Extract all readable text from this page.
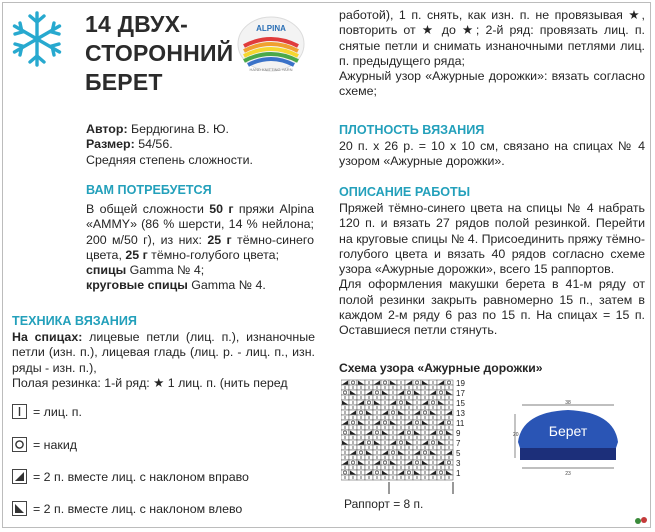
14 ДВУХ-
СТОРОННИЙ
БЕРЕТ
ALPINA
HAND KNITTING YARN
Автор: Бердюгина В. Ю.
Размер: 54/56.
Средняя степень сложности.
ВАМ ПОТРЕБУЕТСЯ
В общей сложности 50 г пряжи Alpina «AMMY» (86 % шерсти, 14 % нейлона; 200 м/50 г), из них: 25 г тёмно-синего цвета, 25 г тёмно-голубого цвета;
спицы Gamma № 4;
круговые спицы Gamma № 4.
ТЕХНИКА ВЯЗАНИЯ
На спицах: лицевые петли (лиц. п.), изнаночные петли (изн. п.), лицевая гладь (лиц. р. - лиц. п., изн. ряды - изн. п.),
Полая резинка: 1-й ряд: ★ 1 лиц. п. (нить перед
= лиц. п.
= накид
= 2 п. вместе лиц. с наклоном вправо
= 2 п. вместе лиц. с наклоном влево
работой), 1 п. снять, как изн. п. не провязывая ★, повторить от ★ до ★; 2-й ряд: провязать лиц. п. снятые петли и снимать изнаночными петлями лиц. п. предыдущего ряда;
Ажурный узор «Ажурные дорожки»: вязать согласно схеме;
ПЛОТНОСТЬ ВЯЗАНИЯ
20 п. х 26 р. = 10 х 10 см, связано на спицах № 4 узором «Ажурные дорожки».
ОПИСАНИЕ РАБОТЫ
Пряжей тёмно-синего цвета на спицы № 4 набрать 120 п. и вязать 27 рядов полой резинкой. Перейти на круговые спицы № 4. Присоединить пряжу тёмно-голубого цвета и вязать 40 рядов согласно схеме узора «Ажурные дорожки», всего 15 раппортов.
Для оформления макушки берета в 41-м ряду от полой резинки закрыть равномерно 15 п., затем в каждом 2-м ряду 6 раз по 15 п. На спицах = 15 п. Оставшиеся петли стянуть.
Схема узора «Ажурные дорожки»
19
17
15
13
11
9
7
5
3
1
Раппорт = 8 п.
Берет
38
20
23
